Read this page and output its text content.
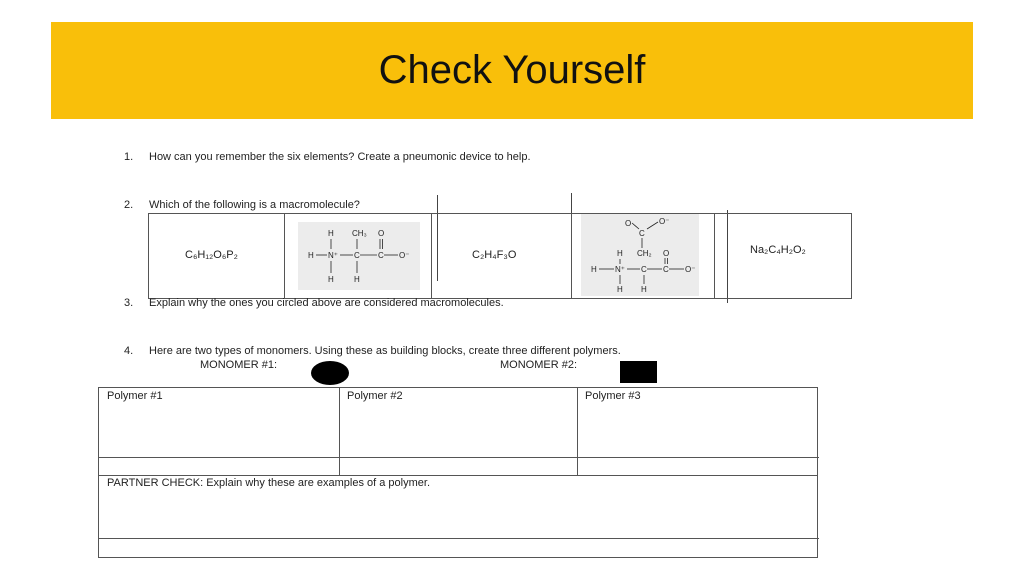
Check Yourself
1. How can you remember the six elements? Create a pneumonic device to help.
2. Which of the following is a macromolecule?
C₆H₁₂O₆P₂
H CH₃ O
H N⁺ C C O⁻
H	H
C₂H₄F₃O
O	O⁻
C
H CH₂ O
H N⁺ C C O⁻
H H
Na₂C₄H₂O₂
3. Explain why the ones you circled above are considered macromolecules.
4. Here are two types of monomers. Using these as building blocks, create three different polymers.
MONOMER #1:	MONOMER #2:
Polymer #1	Polymer #2	Polymer #3
PARTNER CHECK: Explain why these are examples of a polymer.
